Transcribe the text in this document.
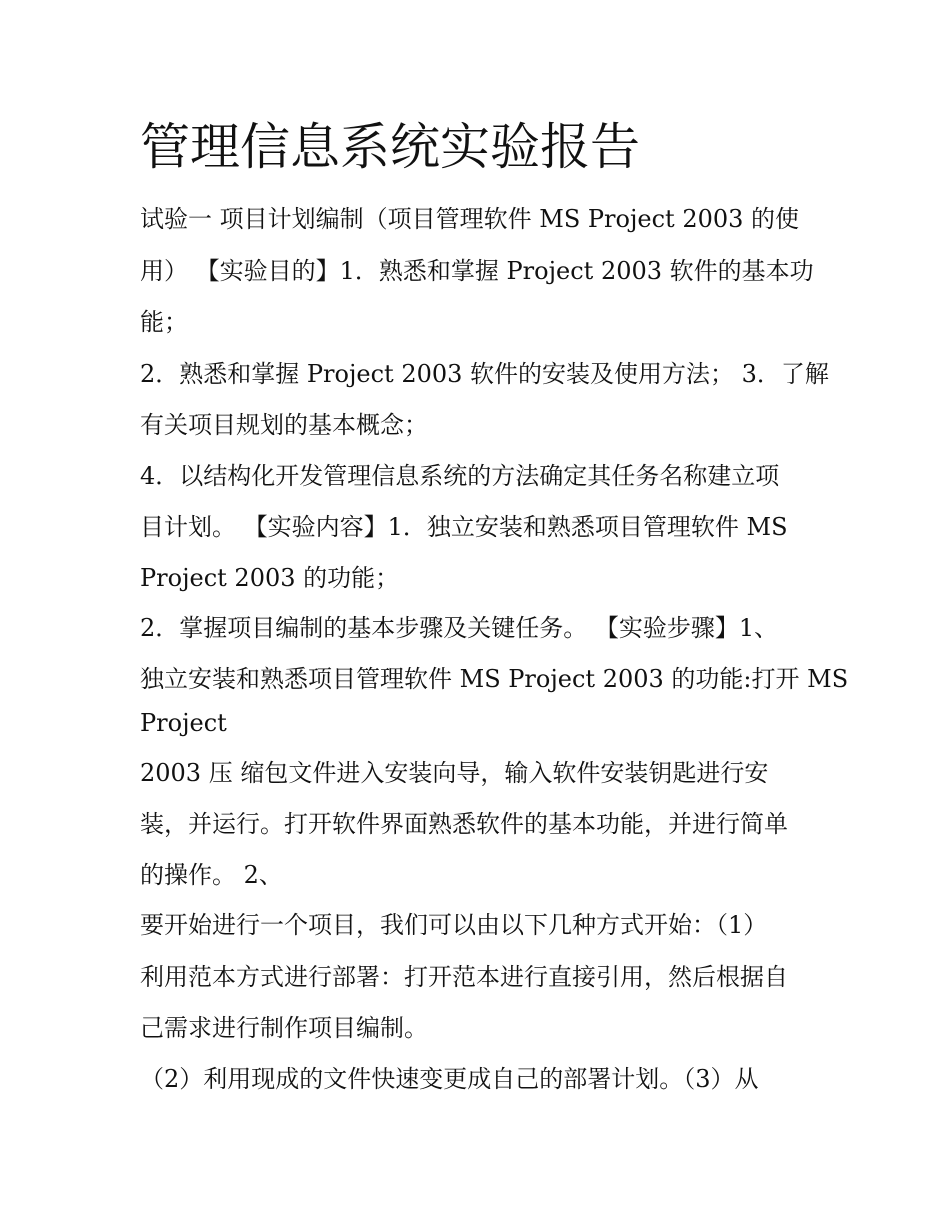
管理信息系统实验报告

试验一 项目计划编制（项目管理软件 MS Project 2003 的使

用） 【实验目的】1．熟悉和掌握 Project 2003 软件的基本功

能；

2．熟悉和掌握 Project 2003 软件的安装及使用方法； 3．了解

有关项目规划的基本概念；

4．以结构化开发管理信息系统的方法确定其任务名称建立项

目计划。 【实验内容】1．独立安装和熟悉项目管理软件 MS

Project 2003 的功能；

2．掌握项目编制的基本步骤及关键任务。 【实验步骤】1、

独立安装和熟悉项目管理软件 MS Project 2003 的功能:打开 MS

Project

2003 压 缩包文件进入安装向导，输入软件安装钥匙进行安

装，并运行。打开软件界面熟悉软件的基本功能，并进行简单

的操作。 2、

要开始进行一个项目，我们可以由以下几种方式开始：（1）

利用范本方式进行部署：打开范本进行直接引用，然后根据自

己需求进行制作项目编制。

（2）利用现成的文件快速变更成自己的部署计划。（3）从
